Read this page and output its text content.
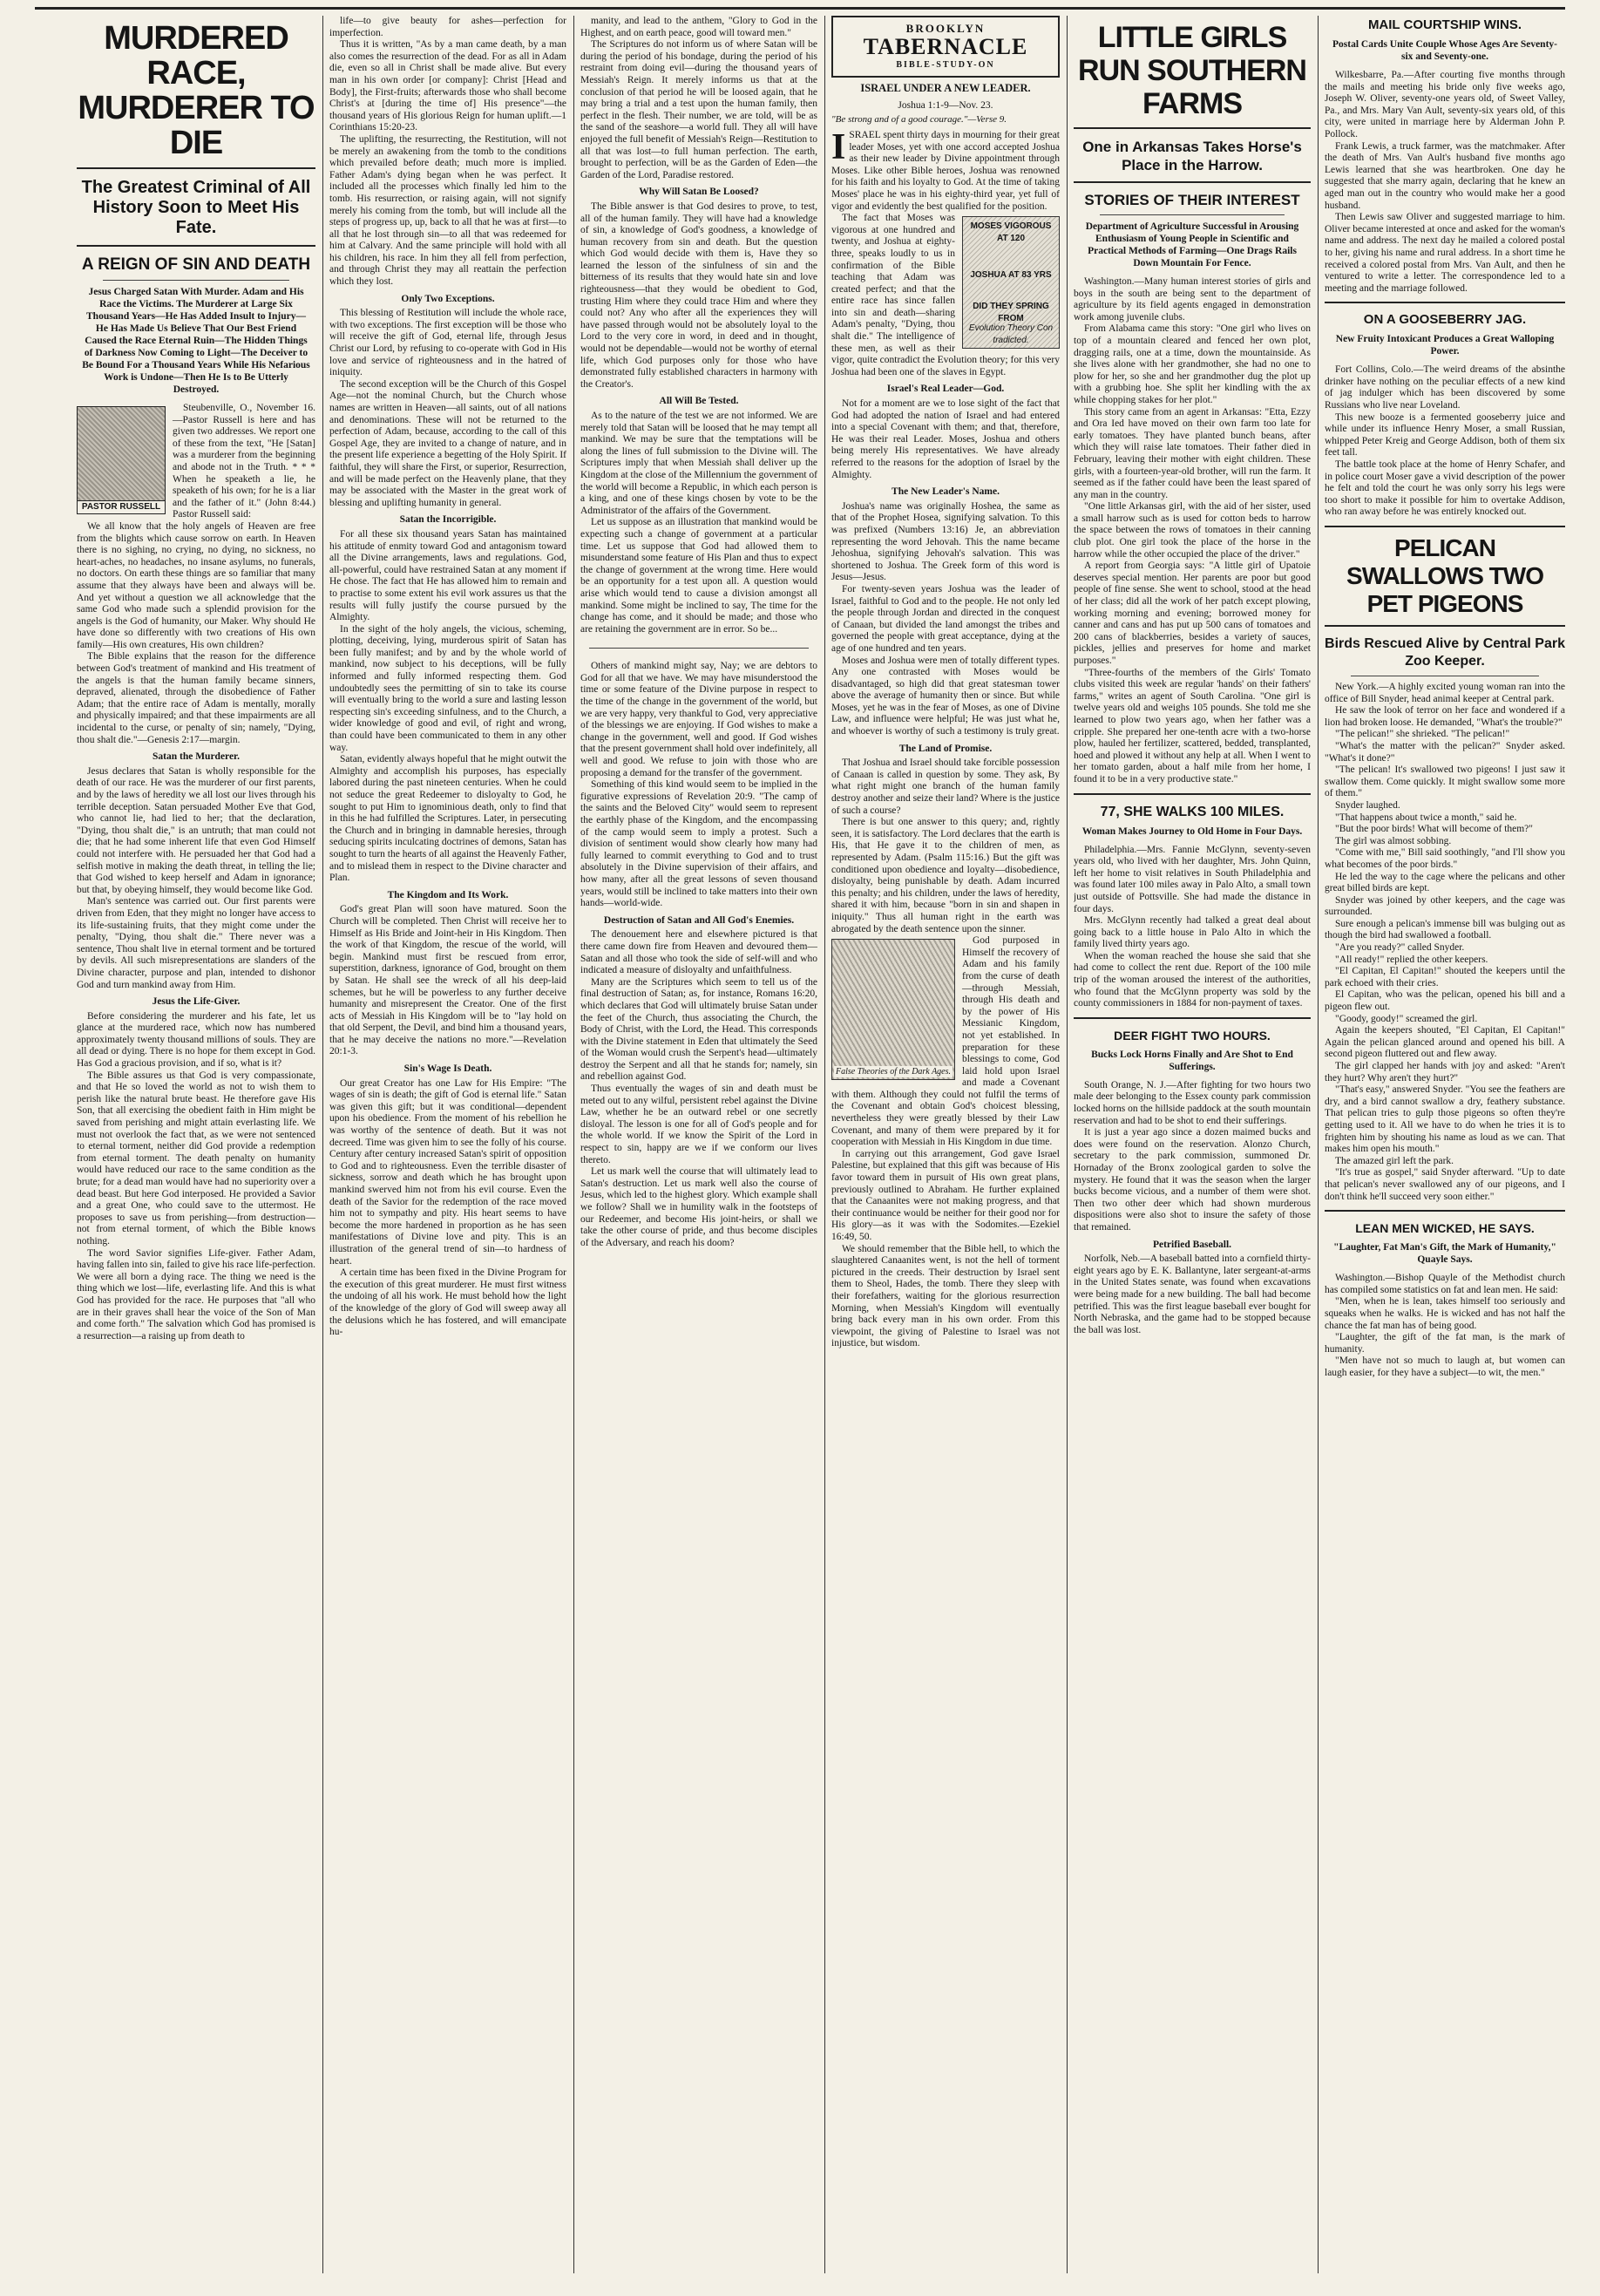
MURDERED RACE, MURDERER TO DIE
The Greatest Criminal of All History Soon to Meet His Fate.
A REIGN OF SIN AND DEATH
Jesus Charged Satan With Murder. Adam and His Race the Victims. The Murderer at Large Six Thousand Years—He Has Added Insult to Injury—He Has Made Us Believe That Our Best Friend Caused the Race Eternal Ruin—The Hidden Things of Darkness Now Coming to Light—The Deceiver to Be Bound For a Thousand Years While His Nefarious Work is Undone—Then He Is to Be Utterly Destroyed.
PASTOR RUSSELL

Steubenville, O., November 16.—Pastor Russell is here and has given two addresses. We report one of these from the text, "He [Satan] was a murderer from the beginning and abode not in the Truth. * * * When he speaketh a lie, he speaketh of his own; for he is a liar and the father of it." (John 8:44.) Pastor Russell said:

We all know that the holy angels of Heaven are free from the blights which cause sorrow on earth. In Heaven there is no sighing, no crying, no dying, no sickness, no heart-aches, no headaches, no insane asylums, no funerals, no doctors. On earth these things are so familiar that many assume that they always have been and always will be. And yet without a question we all acknowledge that the same God who made such a splendid provision for the angels is the God of humanity, our Maker. Why should He have done so differently with two creations of His own family—His own creatures, His own children?

The Bible explains that the reason for the difference between God's treatment of mankind and His treatment of the angels is that the human family became sinners, depraved, alienated, through the disobedience of Father Adam; that the entire race of Adam is mentally, morally and physically impaired; and that these impairments are all incidental to the curse, or penalty of sin; namely, "Dying, thou shalt die."—Genesis 2:17—margin.

Satan the Murderer.

Jesus declares that Satan is wholly responsible for the death of our race. He was the murderer of our first parents, and by the laws of heredity we all lost our lives through his terrible deception. Satan persuaded Mother Eve that God, who cannot lie, had lied to her; that the declaration, "Dying, thou shalt die," is an untruth; that man could not die; that he had some inherent life that even God Himself could not interfere with. He persuaded her that God had a selfish motive in making the death threat, in telling the lie; that God wished to keep herself and Adam in ignorance; but that, by obeying himself, they would become like God.

Man's sentence was carried out. Our first parents were driven from Eden, that they might no longer have access to its life-sustaining fruits, that they might come under the penalty, "Dying, thou shalt die." There never was a sentence, Thou shalt live in eternal torment and be tortured by devils. All such misrepresentations are slanders of the Divine character, purpose and plan, intended to dishonor God and turn mankind away from Him.

Jesus the Life-Giver.

Before considering the murderer and his fate, let us glance at the murdered race, which now has numbered approximately twenty thousand millions of souls. They are all dead or dying. There is no hope for them except in God. Has God a gracious provision, and if so, what is it?

The Bible assures us that God is very compassionate, and that He so loved the world as not to wish them to perish like the natural brute beast. He therefore gave His Son, that all exercising the obedient faith in Him might be saved from perishing and might attain everlasting life. We must not overlook the fact that, as we were not sentenced to eternal torment, neither did God provide a redemption from eternal torment. The death penalty on humanity would have reduced our race to the same condition as the brute; for a dead man would have had no superiority over a dead beast. But here God interposed. He provided a Savior and a great One, who could save to the uttermost. He proposes to save us from perishing—from destruction—not from eternal torment, of which the Bible knows nothing.

The word Savior signifies Life-giver. Father Adam, having fallen into sin, failed to give his race life-perfection. We were all born a dying race. The thing we need is the thing which we lost—life, everlasting life. And this is what God has provided for the race. He purposes that "all who are in their graves shall hear the voice of the Son of Man and come forth." The salvation which God has promised is a resurrection—a raising up from death to

life—to give beauty for ashes—perfection for imperfection.

Thus it is written, "As by a man came death, by a man also comes the resurrection of the dead. For as all in Adam die, even so all in Christ shall be made alive. But every man in his own order [or company]: Christ [Head and Body], the First-fruits; afterwards those who shall become Christ's at [during the time of] His presence"—the thousand years of His glorious Reign for human uplift.—1 Corinthians 15:20-23.

The uplifting, the resurrecting, the Restitution, will not be merely an awakening from the tomb to the conditions which prevailed before death; much more is implied. Father Adam's dying began when he was perfect. It included all the processes which finally led him to the tomb. His resurrection, or raising again, will not signify merely his coming from the tomb, but will include all the steps of progress up, up, back to all that he was at first—to all that he lost through sin—to all that was redeemed for him at Calvary. And the same principle will hold with all his children, his race. In him they all fell from perfection, and through Christ they may all reattain the perfection which they lost.

Only Two Exceptions.

This blessing of Restitution will include the whole race, with two exceptions. The first exception will be those who will receive the gift of God, eternal life, through Jesus Christ our Lord, by refusing to co-operate with God in His love and service of righteousness and in the hatred of iniquity.

The second exception will be the Church of this Gospel Age—not the nominal Church, but the Church whose names are written in Heaven—all saints, out of all nations and denominations. These will not be returned to the perfection of Adam, because, according to the call of this Gospel Age, they are invited to a change of nature, and in the present life experience a begetting of the Holy Spirit. If faithful, they will share the First, or superior, Resurrection, and will be made perfect on the Heavenly plane, that they may be associated with the Master in the great work of blessing and uplifting humanity in general.

Satan the Incorrigible.

For all these six thousand years Satan has maintained his attitude of enmity toward God and antagonism toward all the Divine arrangements, laws and regulations. God, all-powerful, could have restrained Satan at any moment if He chose. The fact that He has allowed him to remain and to practise to some extent his evil work assures us that the results will fully justify the course pursued by the Almighty.

In the sight of the holy angels, the vicious, scheming, plotting, deceiving, lying, murderous spirit of Satan has been fully manifest; and by and by the whole world of mankind, now subject to his deceptions, will be fully informed and fully informed respecting them. God undoubtedly sees the permitting of sin to take its course will eventually bring to the world a sure and lasting lesson respecting sin's exceeding sinfulness, and to the Church, a wider knowledge of good and evil, of right and wrong, than could have been communicated to them in any other way.

Satan, evidently always hopeful that he might outwit the Almighty and accomplish his purposes, has especially labored during the past nineteen centuries. When he could not seduce the great Redeemer to disloyalty to God, he sought to put Him to ignominious death, only to find that in this he had fulfilled the Scriptures. Later, in persecuting the Church and in bringing in damnable heresies, through seducing spirits inculcating doctrines of demons, Satan has sought to turn the hearts of all against the Heavenly Father, and to mislead them in respect to the Divine character and Plan.

The Kingdom and Its Work.

God's great Plan will soon have matured. Soon the Church will be completed. Then Christ will receive her to Himself as His Bride and Joint-heir in His Kingdom. Then the work of that Kingdom, the rescue of the world, will begin. Mankind must first be rescued from error, superstition, darkness, ignorance of God, brought on them by Satan. He shall see the wreck of all his deep-laid schemes, but he will be powerless to any further deceive humanity and misrepresent the Creator. One of the first acts of Messiah in His Kingdom will be to "lay hold on that old Serpent, the Devil, and bind him a thousand years, that he may deceive the nations no more."—Revelation 20:1-3.

Sin's Wage Is Death.

Our great Creator has one Law for His Empire: "The wages of sin is death; the gift of God is eternal life." Satan was given this gift; but it was conditional—dependent upon his obedience. From the moment of his rebellion he was worthy of the sentence of death. But it was not decreed. Time was given him to see the folly of his course. Century after century increased Satan's spirit of opposition to God and to righteousness. Even the terrible disaster of sickness, sorrow and death which he has brought upon mankind swerved him not from his evil course. Even the death of the Savior for the redemption of the race moved him not to sympathy and pity. His heart seems to have become the more hardened in proportion as he has seen manifestations of Divine love and pity. This is an illustration of the general trend of sin—to hardness of heart.

A certain time has been fixed in the Divine Program for the execution of this great murderer. He must first witness the undoing of all his work. He must behold how the light of the knowledge of the glory of God will sweep away all the delusions which he has fostered, and will emancipate hu-

manity, and lead to the anthem, "Glory to God in the Highest, and on earth peace, good will toward men."

The Scriptures do not inform us of where Satan will be during the period of his bondage, during the period of his restraint from doing evil—during the thousand years of Messiah's Reign. It merely informs us that at the conclusion of that period he will be loosed again, that he may bring a trial and a test upon the human family, then perfect in the flesh. Their number, we are told, will be as the sand of the seashore—a world full. They all will have enjoyed the full benefit of Messiah's Reign—Restitution to all that was lost—to full human perfection. The earth, brought to perfection, will be as the Garden of Eden—the Garden of the Lord, Paradise restored.

Why Will Satan Be Loosed?

The Bible answer is that God desires to prove, to test, all of the human family. They will have had a knowledge of sin, a knowledge of God's goodness, a knowledge of human recovery from sin and death. But the question which God would decide with them is, Have they so learned the lesson of the sinfulness of sin and the bitterness of its results that they would hate sin and love righteousness—that they would be obedient to God, trusting Him where they could trace Him and where they could not? Any who after all the experiences they will have passed through would not be absolutely loyal to the Lord to the very core in word, in deed and in thought, would not be dependable—would not be worthy of eternal life, which God purposes only for those who have demonstrated fully established characters in harmony with the Creator's.

All Will Be Tested.

As to the nature of the test we are not informed. We are merely told that Satan will be loosed that he may tempt all mankind. We may be sure that the temptations will be along the lines of full submission to the Divine will. The Scriptures imply that when Messiah shall deliver up the Kingdom at the close of the Millennium the government of the world will become a Republic, in which each person is a king, and one of these kings chosen by vote to be the Administrator of the affairs of the Government.

Let us suppose as an illustration that mankind would be expecting such a change of government at a particular time. Let us suppose that God had allowed them to misunderstand some feature of His Plan and thus to expect the change of government at the wrong time. Here would be an opportunity for a test upon all. A question would arise which would tend to cause a division amongst all mankind. Some might be inclined to say, The time for the change has come, and it should be made; and those who are retaining the government are in error. So be...

Others of mankind might say, Nay; we are debtors to God for all that we have. We may have misunderstood the time or some feature of the Divine purpose in respect to the time of the change in the government of the world, but we are very happy, very thankful to God, very appreciative of the blessings we are enjoying. If God wishes to make a change in the government, well and good. If God wishes that the present government shall hold over indefinitely, all well and good. We refuse to join with those who are proposing a demand for the transfer of the government.

Something of this kind would seem to be implied in the figurative expressions of Revelation 20:9. "The camp of the saints and the Beloved City" would seem to represent the earthly phase of the Kingdom, and the encompassing of the camp would seem to imply a protest. Such a division of sentiment would show clearly how many had fully learned to commit everything to God and to trust absolutely in the Divine supervision of their affairs, and how many, after all the great lessons of seven thousand years, would still be inclined to take matters into their own hands—world-wide.

Destruction of Satan and All God's Enemies.

The denouement here and elsewhere pictured is that there came down fire from Heaven and devoured them—Satan and all those who took the side of self-will and who indicated a measure of disloyalty and unfaithfulness.

Many are the Scriptures which seem to tell us of the final destruction of Satan; as, for instance, Romans 16:20, which declares that God will ultimately bruise Satan under the feet of the Church, thus associating the Church, the Body of Christ, with the Lord, the Head. This corresponds with the Divine statement in Eden that ultimately the Seed of the Woman would crush the Serpent's head—ultimately destroy the Serpent and all that he stands for; namely, sin and rebellion against God.

Thus eventually the wages of sin and death must be meted out to any wilful, persistent rebel against the Divine Law, whether he be an outward rebel or one secretly disloyal. The lesson is one for all of God's people and for the whole world. If we know the Spirit of the Lord in respect to sin, happy are we if we conform our lives thereto.

Let us mark well the course that will ultimately lead to Satan's destruction. Let us mark well also the course of Jesus, which led to the highest glory. Which example shall we follow? Shall we in humility walk in the footsteps of our Redeemer, and become His joint-heirs, or shall we take the other course of pride, and thus become disciples of the Adversary, and reach his doom?

BROOKLYN
TABERNACLE
BIBLE-STUDY-ON
ISRAEL UNDER A NEW LEADER.
Joshua 1:1-9—Nov. 23.
"Be strong and of a good courage."—Verse 9.
I SRAEL spent thirty days in mourning for their great leader Moses, yet with one accord accepted Joshua as their new leader by Divine appointment through Moses. Like other Bible heroes, Joshua was renowned for his faith and his loyalty to God. At the time of taking Moses' place he was in his eighty-third year, yet full of vigor and evidently the best qualified for the position.

MOSES VIGOROUS AT 120
JOSHUA AT 83 YRS
DID THEY SPRING FROM
Evolution Theory Con tradicted.

The fact that Moses was vigorous at one hundred and twenty, and Joshua at eighty-three, speaks loudly to us in confirmation of the Bible teaching that Adam was created perfect; and that the entire race has since fallen into sin and death—sharing Adam's penalty, "Dying, thou shalt die." The intelligence of these men, as well as their vigor, quite contradict the Evolution theory; for this very Joshua had been one of the slaves in Egypt.

Israel's Real Leader—God.

Not for a moment are we to lose sight of the fact that God had adopted the nation of Israel and had entered into a special Covenant with them; and that, therefore, He was their real Leader. Moses, Joshua and others being merely His representatives. We have already referred to the reasons for the adoption of Israel by the Almighty.

The New Leader's Name.

Joshua's name was originally Hoshea, the same as that of the Prophet Hosea, signifying salvation. To this was prefixed (Numbers 13:16) Je, an abbreviation representing the word Jehovah. This the name became Jehoshua, signifying Jehovah's salvation. This was shortened to Joshua. The Greek form of this word is Jesus—Jesus.

For twenty-seven years Joshua was the leader of Israel, faithful to God and to the people. He not only led the people through Jordan and directed in the conquest of Canaan, but divided the land amongst the tribes and governed the people with great acceptance, dying at the age of one hundred and ten years.

Moses and Joshua were men of totally different types. Any one contrasted with Moses would be disadvantaged, so high did that great statesman tower above the average of humanity then or since. But while Moses, yet he was in the fear of Moses, as one of Divine Law, and influence were helpful; He was just what he, and whoever is worthy of such a testimony is truly great.

The Land of Promise.

That Joshua and Israel should take forcible possession of Canaan is called in question by some. They ask, By what right might one branch of the human family destroy another and seize their land? Where is the justice of such a course?

There is but one answer to this query; and, rightly seen, it is satisfactory. The Lord declares that the earth is His, that He gave it to the children of men, as represented by Adam. (Psalm 115:16.) But the gift was conditioned upon obedience and loyalty—disobedience, disloyalty, being punishable by death. Adam incurred this penalty; and his children, under the laws of heredity, shared it with him, because "born in sin and shapen in iniquity." Thus all human right in the earth was abrogated by the death sentence upon the sinner.

False Theories of the Dark Ages.

God purposed in Himself the recovery of Adam and his family from the curse of death—through Messiah, through His death and by the power of His Messianic Kingdom, not yet established. In preparation for these blessings to come, God laid hold upon Israel and made a Covenant with them. Although they could not fulfil the terms of the Covenant and obtain God's choicest blessing, nevertheless they were greatly blessed by their Law Covenant, and many of them were prepared by it for cooperation with Messiah in His Kingdom in due time.

In carrying out this arrangement, God gave Israel Palestine, but explained that this gift was because of His favor toward them in pursuit of His own great plans, previously outlined to Abraham. He further explained that the Canaanites were not making progress, and that their continuance would be neither for their good nor for His glory—as it was with the Sodomites.—Ezekiel 16:49, 50.

We should remember that the Bible hell, to which the slaughtered Canaanites went, is not the hell of torment pictured in the creeds. Their destruction by Israel sent them to Sheol, Hades, the tomb. There they sleep with their forefathers, waiting for the glorious resurrection Morning, when Messiah's Kingdom will eventually bring back every man in his own order. From this viewpoint, the giving of Palestine to Israel was not injustice, but wisdom.

LITTLE GIRLS RUN SOUTHERN FARMS
One in Arkansas Takes Horse's Place in the Harrow.
STORIES OF THEIR INTEREST
Department of Agriculture Successful in Arousing Enthusiasm of Young People in Scientific and Practical Methods of Farming—One Drags Rails Down Mountain For Fence.

Washington.—Many human interest stories of girls and boys in the south are being sent to the department of agriculture by its field agents engaged in demonstration work among juvenile clubs.

From Alabama came this story: "One girl who lives on top of a mountain cleared and fenced her own plot, dragging rails, one at a time, down the mountainside. As she lives alone with her grandmother, she had no one to plow for her, so she and her grandmother dug the plot up with a grubbing hoe. She split her kindling with the ax while chopping stakes for her plot."

This story came from an agent in Arkansas: "Etta, Ezzy and Ora Ied have moved on their own farm too late for early tomatoes. They have planted bunch beans, after which they will raise late tomatoes. Their father died in February, leaving their mother with eight children. These girls, with a fourteen-year-old brother, will run the farm. It seemed as if the father could have been the least spared of any man in the country.

"One little Arkansas girl, with the aid of her sister, used a small harrow such as is used for cotton beds to harrow the space between the rows of tomatoes in their canning club plot. One girl took the place of the horse in the harrow while the other occupied the place of the driver."

A report from Georgia says: "A little girl of Upatoie deserves special mention. Her parents are poor but good people of fine sense. She went to school, stood at the head of her class; did all the work of her patch except plowing, working morning and evening; borrowed money for canner and cans and has put up 500 cans of tomatoes and 200 cans of blackberries, besides a variety of sauces, pickles, jellies and preserves for home and market purposes."

"Three-fourths of the members of the Girls' Tomato clubs visited this week are regular 'hands' on their fathers' farms," writes an agent of South Carolina. "One girl is twelve years old and weighs 105 pounds. She told me she learned to plow two years ago, when her father was a cripple. She prepared her one-tenth acre with a two-horse plow, hauled her fertilizer, scattered, bedded, transplanted, hoed and plowed it without any help at all. When I went to her tomato garden, about a half mile from her home, I found it to be in a very productive state."

77, SHE WALKS 100 MILES.
Woman Makes Journey to Old Home in Four Days.

Philadelphia.—Mrs. Fannie McGlynn, seventy-seven years old, who lived with her daughter, Mrs. John Quinn, left her home to visit relatives in South Philadelphia and was found later 100 miles away in Palo Alto, a small town just outside of Pottsville. She had made the distance in four days.

Mrs. McGlynn recently had talked a great deal about going back to a little house in Palo Alto in which the family lived thirty years ago.

When the woman reached the house she said that she had come to collect the rent due. Report of the 100 mile trip of the woman aroused the interest of the authorities, who found that the McGlynn property was sold by the county commissioners in 1884 for non-payment of taxes.

DEER FIGHT TWO HOURS.
Bucks Lock Horns Finally and Are Shot to End Sufferings.

South Orange, N. J.—After fighting for two hours two male deer belonging to the Essex county park commission locked horns on the hillside paddock at the south mountain reservation and had to be shot to end their sufferings.

It is just a year ago since a dozen maimed bucks and does were found on the reservation. Alonzo Church, secretary to the park commission, summoned Dr. Hornaday of the Bronx zoological garden to solve the mystery. He found that it was the season when the larger bucks become vicious, and a number of them were shot. Then two other deer which had shown murderous dispositions were also shot to insure the safety of those that remained.

Petrified Baseball.

Norfolk, Neb.—A baseball batted into a cornfield thirty-eight years ago by E. K. Ballantyne, later sergeant-at-arms in the United States senate, was found when excavations were being made for a new building. The ball had become petrified. This was the first league baseball ever bought for North Nebraska, and the game had to be stopped because the ball was lost.

MAIL COURTSHIP WINS.
Postal Cards Unite Couple Whose Ages Are Seventy-six and Seventy-one.

Wilkesbarre, Pa.—After courting five months through the mails and meeting his bride only five weeks ago, Joseph W. Oliver, seventy-one years old, of Sweet Valley, Pa., and Mrs. Mary Van Ault, seventy-six years old, of this city, were united in marriage here by Alderman John P. Pollock.

Frank Lewis, a truck farmer, was the matchmaker. After the death of Mrs. Van Ault's husband five months ago Lewis learned that she was heartbroken. One day he suggested that she marry again, declaring that he knew an aged man out in the country who would make her a good husband.

Then Lewis saw Oliver and suggested marriage to him. Oliver became interested at once and asked for the woman's name and address. The next day he mailed a colored postal to her, giving his name and rural address. In a short time he received a colored postal from Mrs. Van Ault, and then he ventured to write a letter. The correspondence led to a meeting and the marriage followed.

ON A GOOSEBERRY JAG.
New Fruity Intoxicant Produces a Great Walloping Power.

Fort Collins, Colo.—The weird dreams of the absinthe drinker have nothing on the peculiar effects of a new kind of jag indulger which has been discovered by some Russians who live near Loveland.

This new booze is a fermented gooseberry juice and while under its influence Henry Moser, a small Russian, whipped Peter Kreig and George Addison, both of them six feet tall.

The battle took place at the home of Henry Schafer, and in police court Moser gave a vivid description of the power he felt and told the court he was only sorry his legs were too short to make it possible for him to overtake Addison, who ran away before he was entirely knocked out.

PELICAN SWALLOWS TWO PET PIGEONS
Birds Rescued Alive by Central Park Zoo Keeper.

New York.—A highly excited young woman ran into the office of Bill Snyder, head animal keeper at Central park.

He saw the look of terror on her face and wondered if a lion had broken loose. He demanded, "What's the trouble?"

"The pelican!" she shrieked. "The pelican!"

"What's the matter with the pelican?" Snyder asked. "What's it done?"

"The pelican! It's swallowed two pigeons! I just saw it swallow them. Come quickly. It might swallow some more of them."

Snyder laughed.

"That happens about twice a month," said he.

"But the poor birds! What will become of them?"

The girl was almost sobbing.

"Come with me," Bill said soothingly, "and I'll show you what becomes of the poor birds."

He led the way to the cage where the pelicans and other great billed birds are kept.

Snyder was joined by other keepers, and the cage was surrounded.

Sure enough a pelican's immense bill was bulging out as though the bird had swallowed a football.

"Are you ready?" called Snyder.

"All ready!" replied the other keepers.

"El Capitan, El Capitan!" shouted the keepers until the park echoed with their cries.

El Capitan, who was the pelican, opened his bill and a pigeon flew out.

"Goody, goody!" screamed the girl.

Again the keepers shouted, "El Capitan, El Capitan!" Again the pelican glanced around and opened his bill. A second pigeon fluttered out and flew away.

The girl clapped her hands with joy and asked: "Aren't they hurt? Why aren't they hurt?"

"That's easy," answered Snyder. "You see the feathers are dry, and a bird cannot swallow a dry, feathery substance. That pelican tries to gulp those pigeons so often they're getting used to it. All we have to do when he tries it is to frighten him by shouting his name as loud as we can. That makes him open his mouth."

The amazed girl left the park.

"It's true as gospel," said Snyder afterward. "Up to date that pelican's never swallowed any of our pigeons, and I don't think he'll succeed very soon either."

LEAN MEN WICKED, HE SAYS.
"Laughter, Fat Man's Gift, the Mark of Humanity," Quayle Says.

Washington.—Bishop Quayle of the Methodist church has compiled some statistics on fat and lean men. He said:

"Men, when he is lean, takes himself too seriously and squeaks when he walks. He is wicked and has not half the chance the fat man has of being good.

"Laughter, the gift of the fat man, is the mark of humanity.

"Men have not so much to laugh at, but women can laugh easier, for they have a subject—to wit, the men."
